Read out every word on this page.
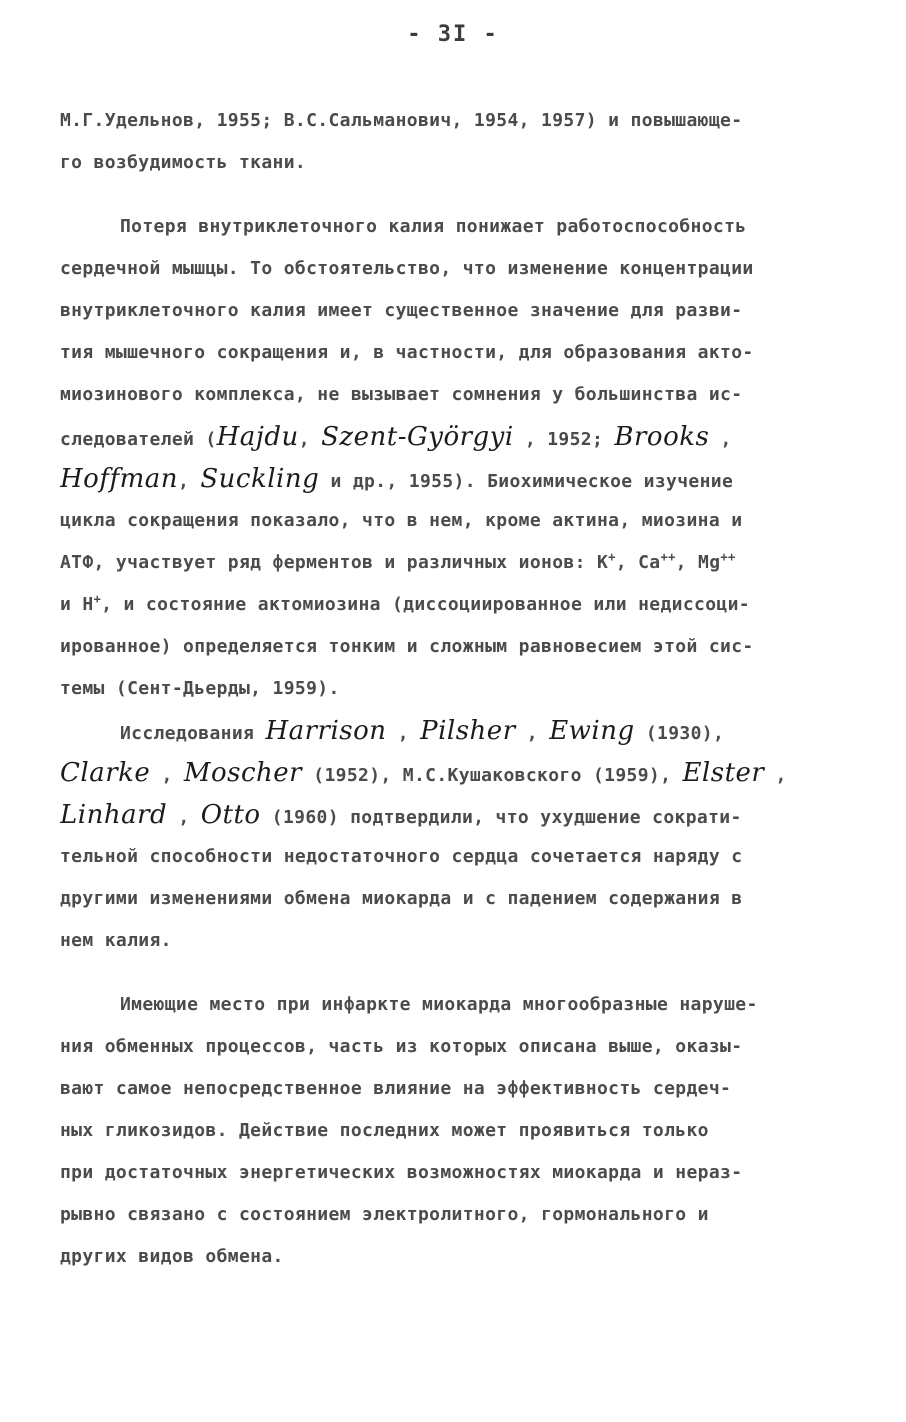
- 3I -
М.Г.Удельнов, 1955; В.С.Сальманович, 1954, 1957) и повышающе-
го возбудимость ткани.
Потеря внутриклеточного калия понижает работоспособность
сердечной мышцы. То обстоятельство, что изменение концентрации
внутриклеточного калия имеет существенное значение для разви-
тия мышечного сокращения и, в частности, для образования акто-
миозинового комплекса, не вызывает сомнения у большинства ис-
следователей (Hajdu, Szent-Györgyi , 1952; Brooks ,
Hoffman, Suckling и др., 1955). Биохимическое изучение
цикла сокращения показало, что в нем, кроме актина, миозина и
АТФ, участвует ряд ферментов и различных ионов: K+, Ca++, Mg++
и H+, и состояние актомиозина (диссоциированное или недиссоци-
ированное) определяется тонким и сложным равновесием этой сис-
темы (Сент-Дьерды, 1959).
Исследования Harrison , Pilsher , Ewing (1930),
Clarke , Moscher (1952), М.С.Кушаковского (1959), Elster ,
Linhard , Otto (1960) подтвердили, что ухудшение сократи-
тельной способности недостаточного сердца сочетается наряду с
другими изменениями обмена миокарда и с падением содержания в
нем калия.
Имеющие место при инфаркте миокарда многообразные наруше-
ния обменных процессов, часть из которых описана выше, оказы-
вают самое непосредственное влияние на эффективность сердеч-
ных гликозидов. Действие последних может проявиться только
при достаточных энергетических возможностях миокарда и нераз-
рывно связано с состоянием электролитного, гормонального и
других видов обмена.
